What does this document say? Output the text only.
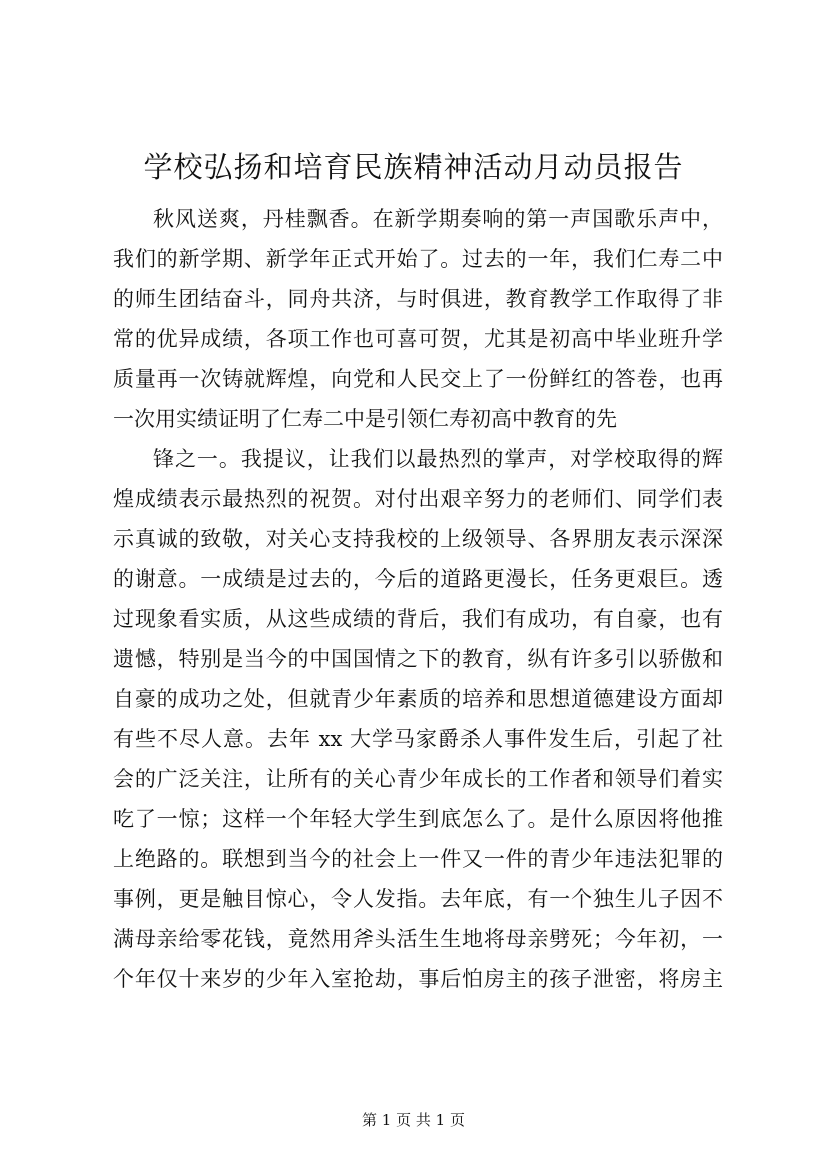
学校弘扬和培育民族精神活动月动员报告
秋风送爽，丹桂飘香。在新学期奏响的第一声国歌乐声中，
我们的新学期、新学年正式开始了。过去的一年，我们仁寿二中
的师生团结奋斗，同舟共济，与时俱进，教育教学工作取得了非
常的优异成绩，各项工作也可喜可贺，尤其是初高中毕业班升学
质量再一次铸就辉煌，向党和人民交上了一份鲜红的答卷，也再
一次用实绩证明了仁寿二中是引领仁寿初高中教育的先
锋之一。我提议，让我们以最热烈的掌声，对学校取得的辉
煌成绩表示最热烈的祝贺。对付出艰辛努力的老师们、同学们表
示真诚的致敬，对关心支持我校的上级领导、各界朋友表示深深
的谢意。一成绩是过去的，今后的道路更漫长，任务更艰巨。透
过现象看实质，从这些成绩的背后，我们有成功，有自豪，也有
遗憾，特别是当今的中国国情之下的教育，纵有许多引以骄傲和
自豪的成功之处，但就青少年素质的培养和思想道德建设方面却
有些不尽人意。去年 xx 大学马家爵杀人事件发生后，引起了社
会的广泛关注，让所有的关心青少年成长的工作者和领导们着实
吃了一惊；这样一个年轻大学生到底怎么了。是什么原因将他推
上绝路的。联想到当今的社会上一件又一件的青少年违法犯罪的
事例，更是触目惊心，令人发指。去年底，有一个独生儿子因不
满母亲给零花钱，竟然用斧头活生生地将母亲劈死；今年初，一
个年仅十来岁的少年入室抢劫，事后怕房主的孩子泄密，将房主
第 1 页 共 1 页
